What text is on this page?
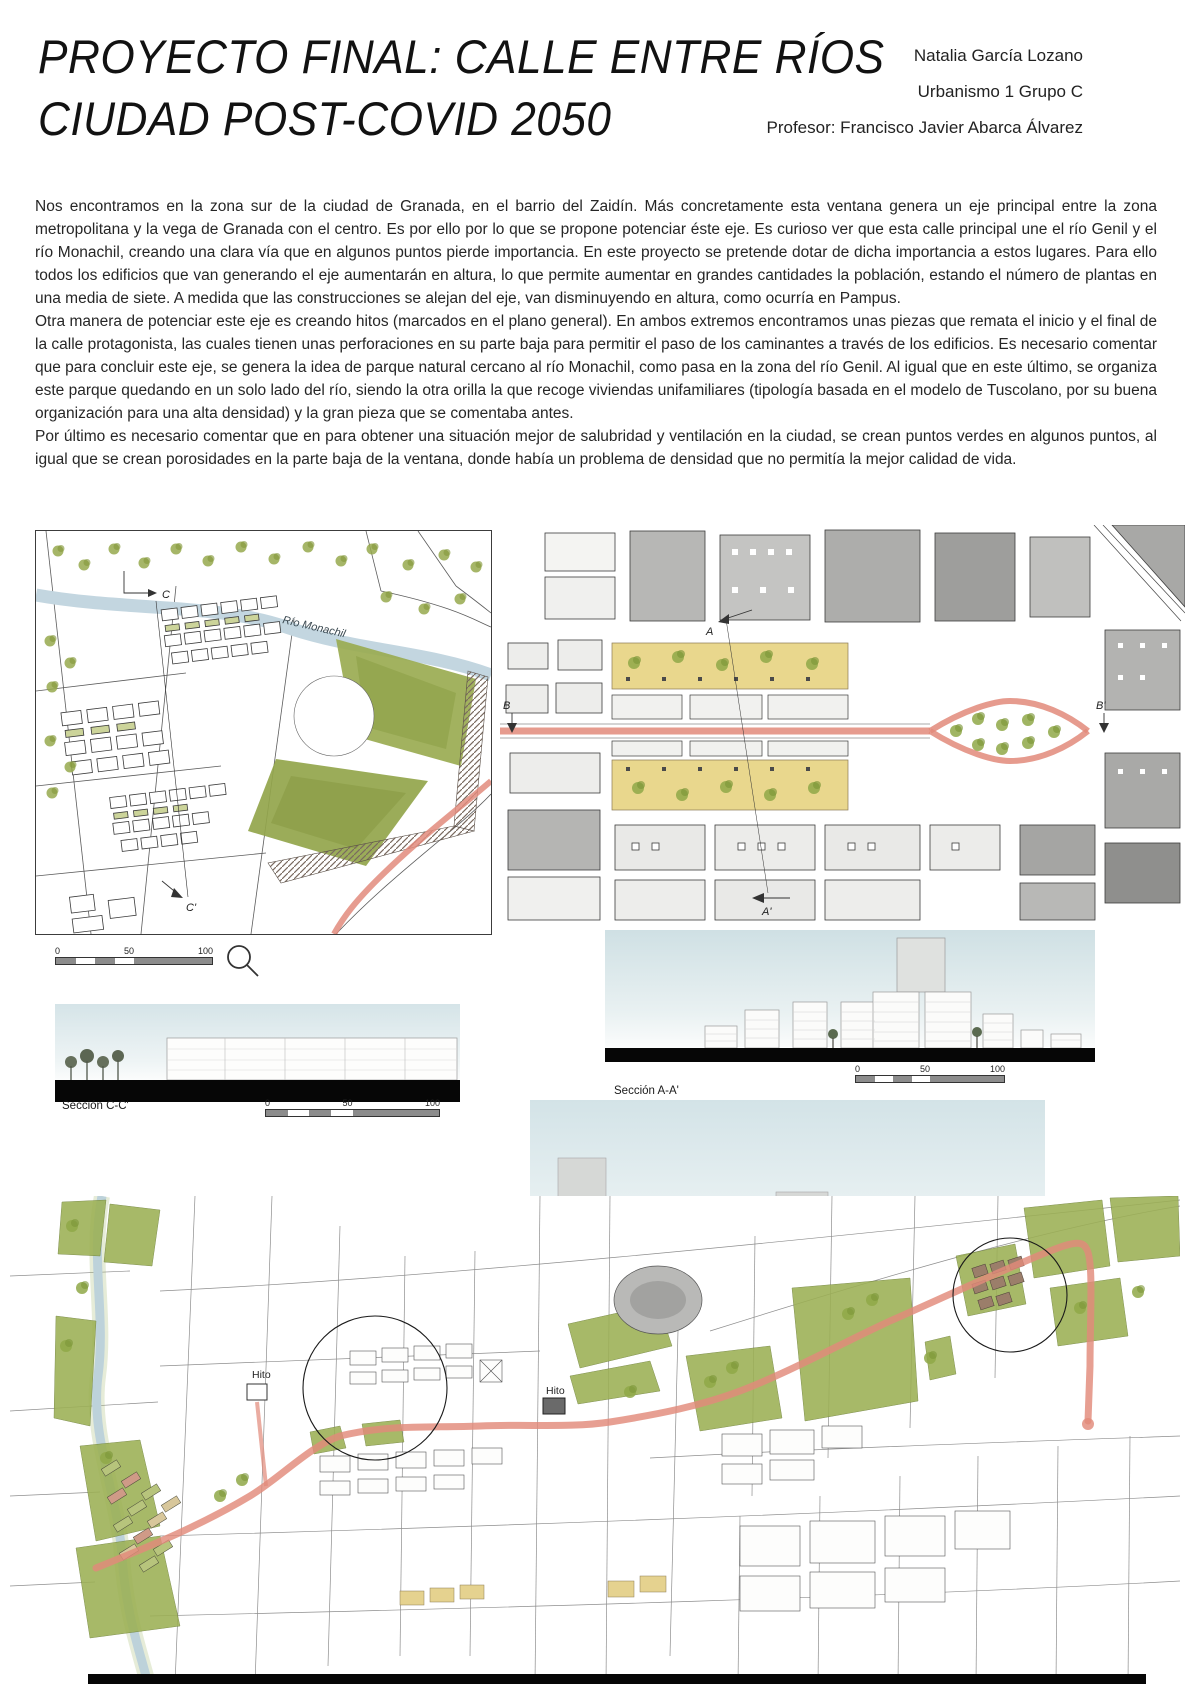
PROYECTO FINAL: CALLE ENTRE RÍOS
CIUDAD POST-COVID 2050
Natalia García Lozano
Urbanismo 1 Grupo C
Profesor: Francisco Javier Abarca Álvarez

Nos encontramos en la zona sur de la ciudad de Granada, en el barrio del Zaidín. Más concretamente esta ventana genera un eje principal entre la zona metropolitana y la vega de Granada con el centro. Es por ello por lo que se propone potenciar éste eje. Es curioso ver que esta calle principal une el río Genil y el río Monachil, creando una clara vía que en algunos puntos pierde importancia. En este proyecto se pretende dotar de dicha importancia a estos lugares. Para ello todos los edificios que van generando el eje aumentarán en altura, lo que permite aumentar en grandes cantidades la población, estando el número de plantas en una media de siete. A medida que las construcciones se alejan del eje, van disminuyendo en altura, como ocurría en Pampus.

Otra manera de potenciar este eje es creando hitos (marcados en el plano general). En ambos extremos encontramos unas piezas que remata el inicio y el final de la calle protagonista, las cuales tienen unas perforaciones en su parte baja para permitir el paso de los caminantes a través de los edificios. Es necesario comentar que para concluir este eje, se genera la idea de parque natural cercano al río Monachil, como pasa en la zona del río Genil. Al igual que en este último, se organiza este parque quedando en un solo lado del río, siendo la otra orilla la que recoge viviendas unifamiliares (tipología basada en el modelo de Tuscolano, por su buena organización para una alta densidad) y la gran pieza que se comentaba antes.

Por último es necesario comentar que en para obtener una situación mejor de salubridad y ventilación en la ciudad, se crean puntos verdes en algunos puntos, al igual que se crean porosidades en la parte baja de la ventana, donde había un problema de densidad que no permitía la mejor calidad de vida.

Río Monachil
C
C'
0	50	100
A
A'
B	B'
Sección A-A'
0	50	100
Sección C-C'	0	50	100
Hito
Hito
